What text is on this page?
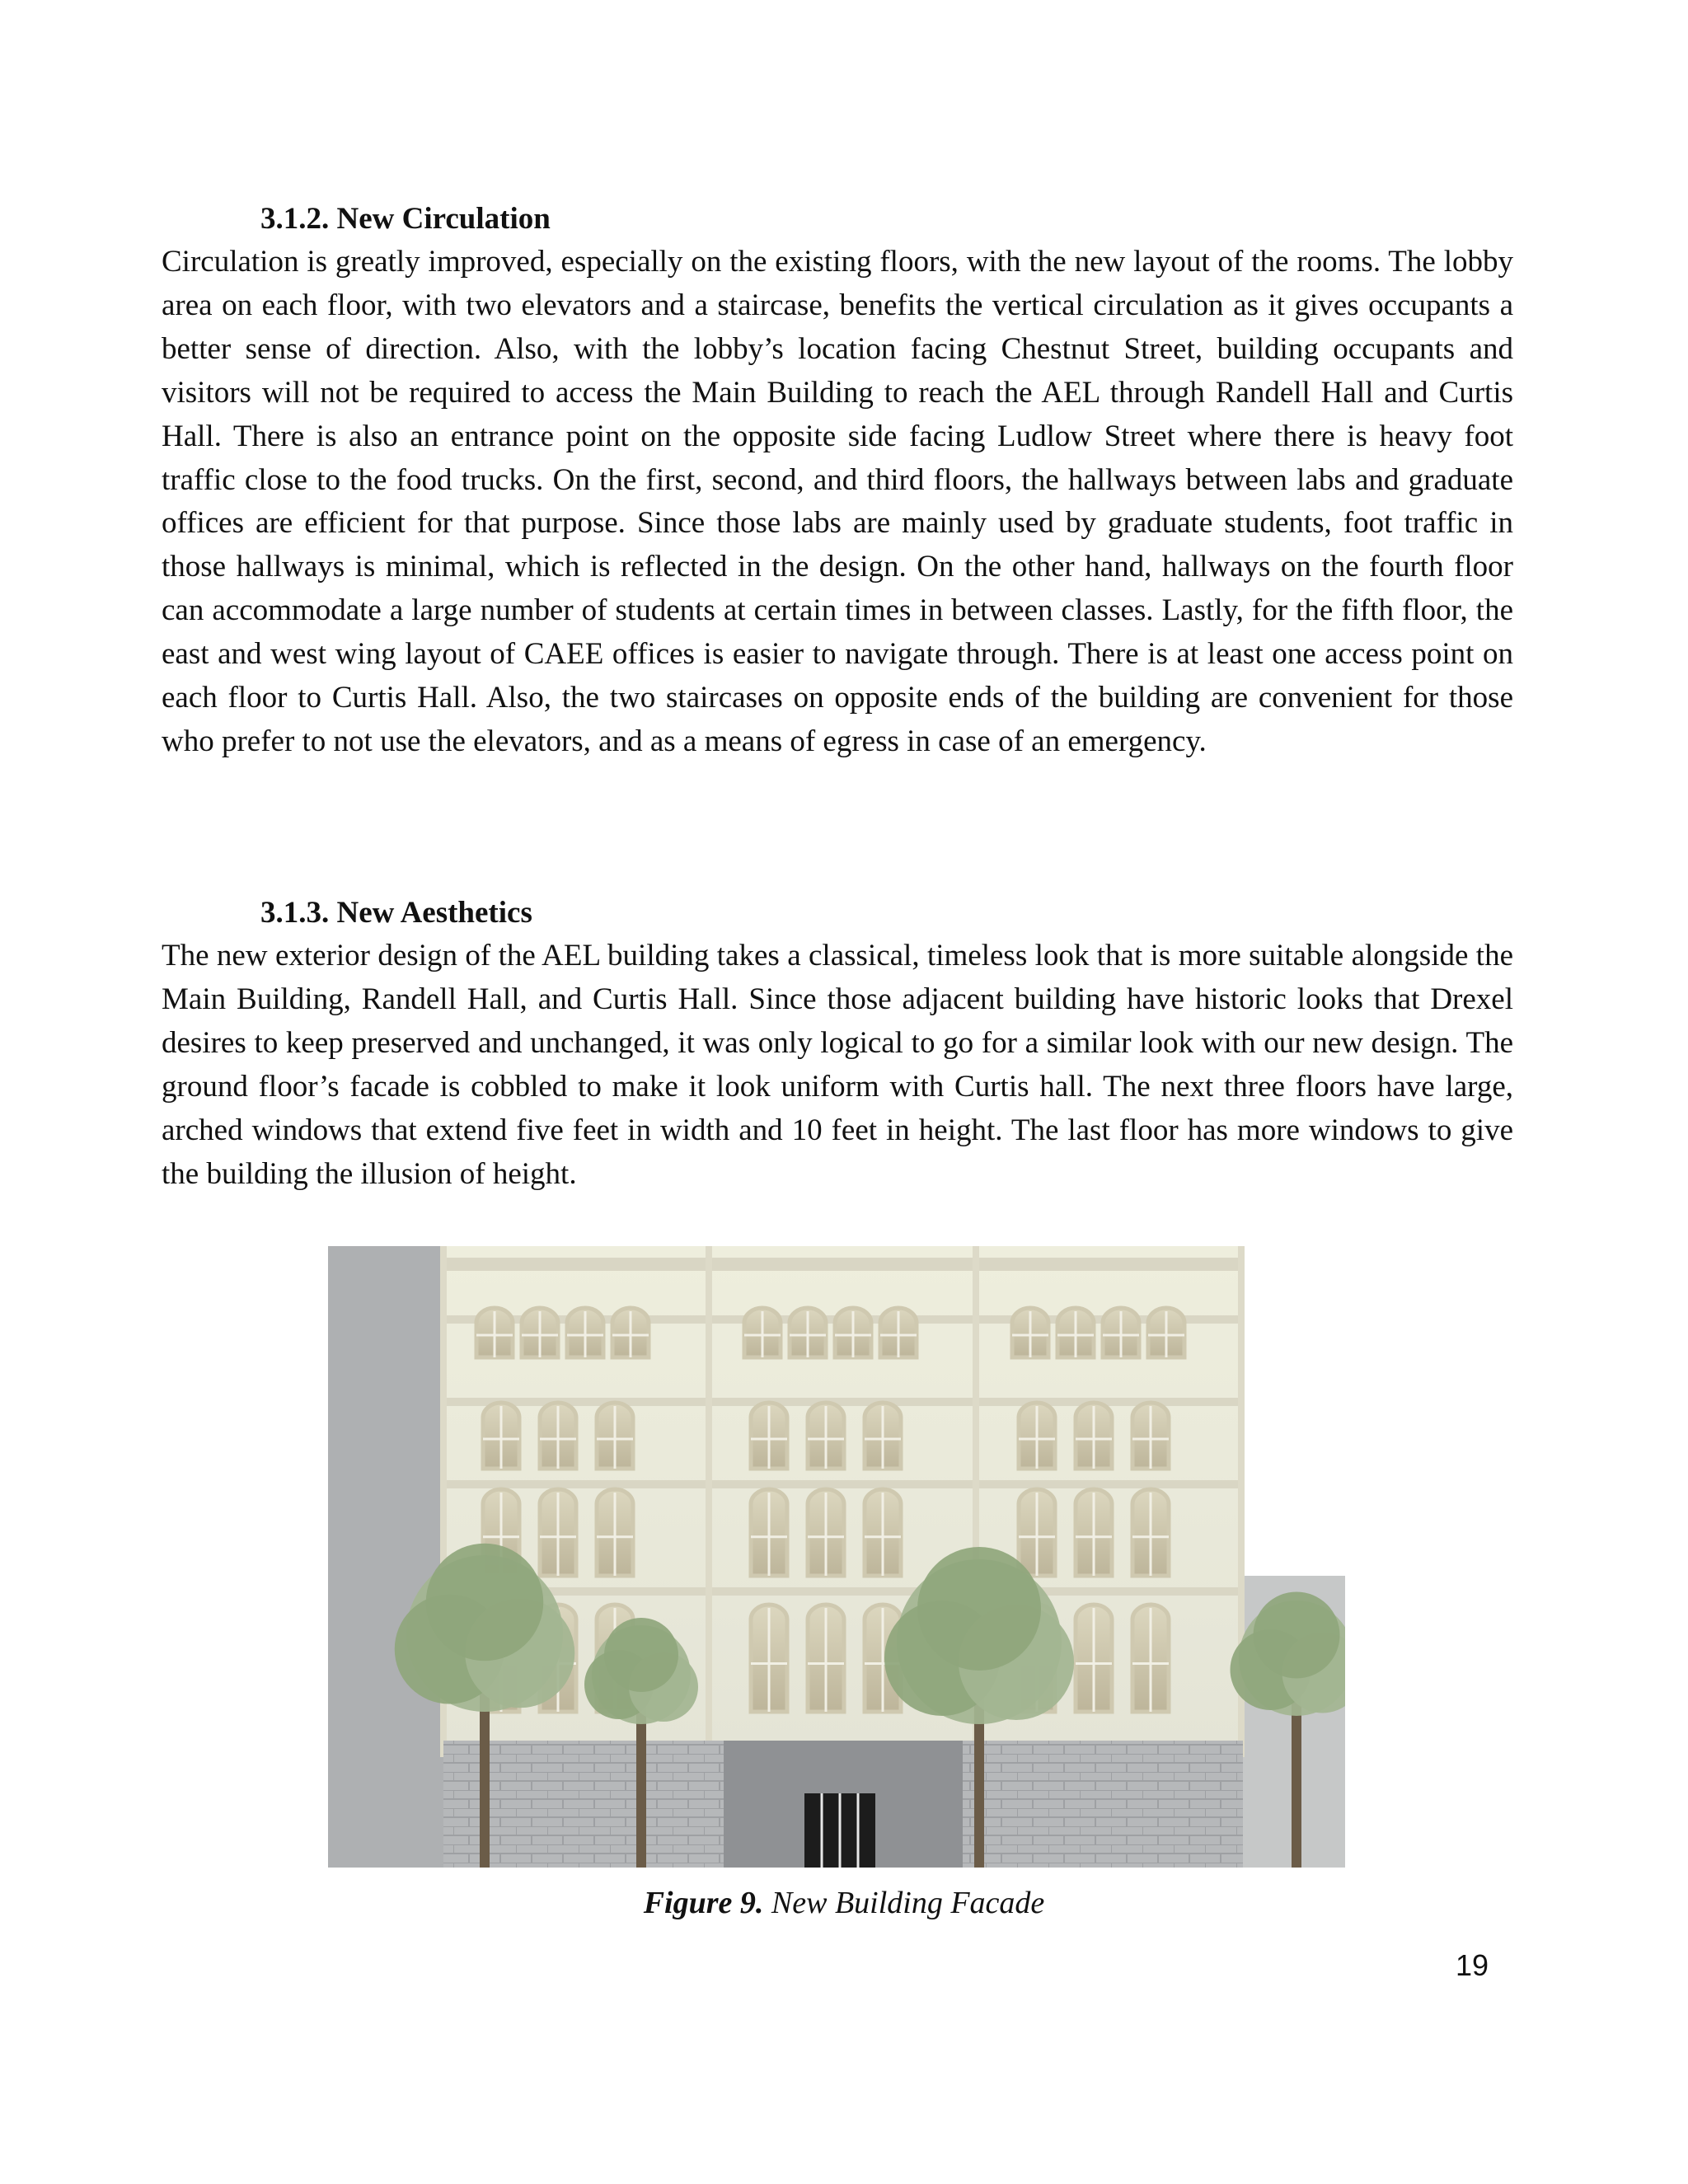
3.1.2. New Circulation

Circulation is greatly improved, especially on the existing floors, with the new layout of the rooms. The lobby area on each floor, with two elevators and a staircase, benefits the vertical circulation as it gives occupants a better sense of direction. Also, with the lobby’s location facing Chestnut Street, building occupants and visitors will not be required to access the Main Building to reach the AEL through Randell Hall and Curtis Hall. There is also an entrance point on the opposite side facing Ludlow Street where there is heavy foot traffic close to the food trucks. On the first, second, and third floors, the hallways between labs and graduate offices are efficient for that purpose. Since those labs are mainly used by graduate students, foot traffic in those hallways is minimal, which is reflected in the design. On the other hand, hallways on the fourth floor can accommodate a large number of students at certain times in between classes. Lastly, for the fifth floor, the east and west wing layout of CAEE offices is easier to navigate through. There is at least one access point on each floor to Curtis Hall. Also, the two staircases on opposite ends of the building are convenient for those who prefer to not use the elevators, and as a means of egress in case of an emergency.

3.1.3. New Aesthetics

The new exterior design of the AEL building takes a classical, timeless look that is more suitable alongside the Main Building, Randell Hall, and Curtis Hall. Since those adjacent building have historic looks that Drexel desires to keep preserved and unchanged, it was only logical to go for a similar look with our new design. The ground floor’s facade is cobbled to make it look uniform with Curtis hall. The next three floors have large, arched windows that extend five feet in width and 10 feet in height. The last floor has more windows to give the building the illusion of height.

Figure 9. New Building Facade
19
